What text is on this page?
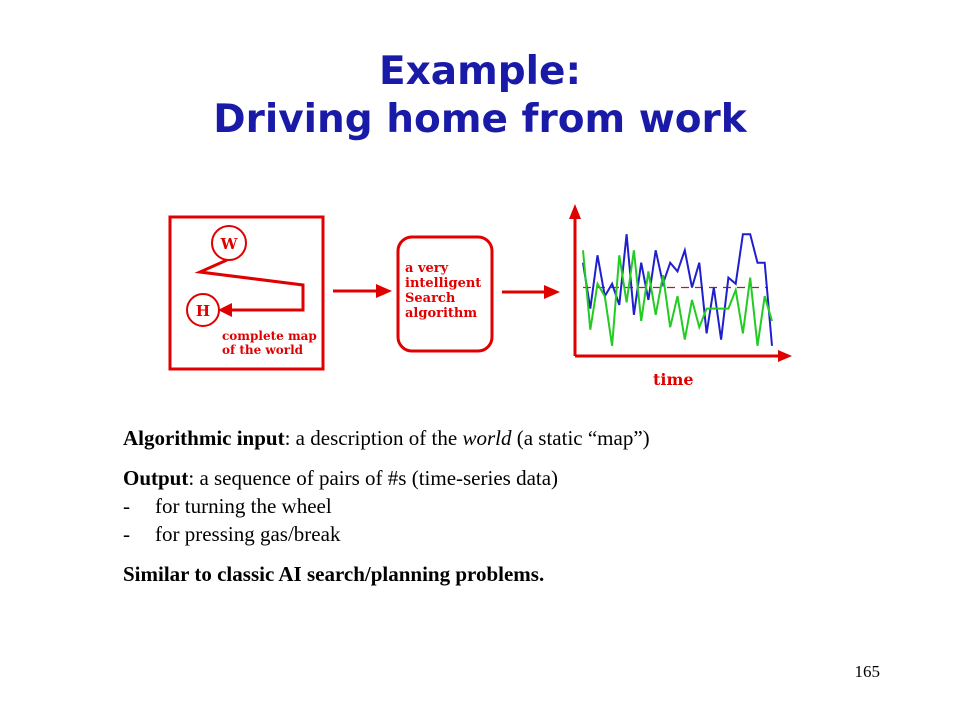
Example:
Driving home from work
W
H
complete map
of the world
a very
intelligent
Search
algorithm
time
Algorithmic input: a description of the world (a static “map”)
Output: a sequence of pairs of #s (time-series data)
- for turning the wheel
- for pressing gas/break
Similar to classic AI search/planning problems.
165
